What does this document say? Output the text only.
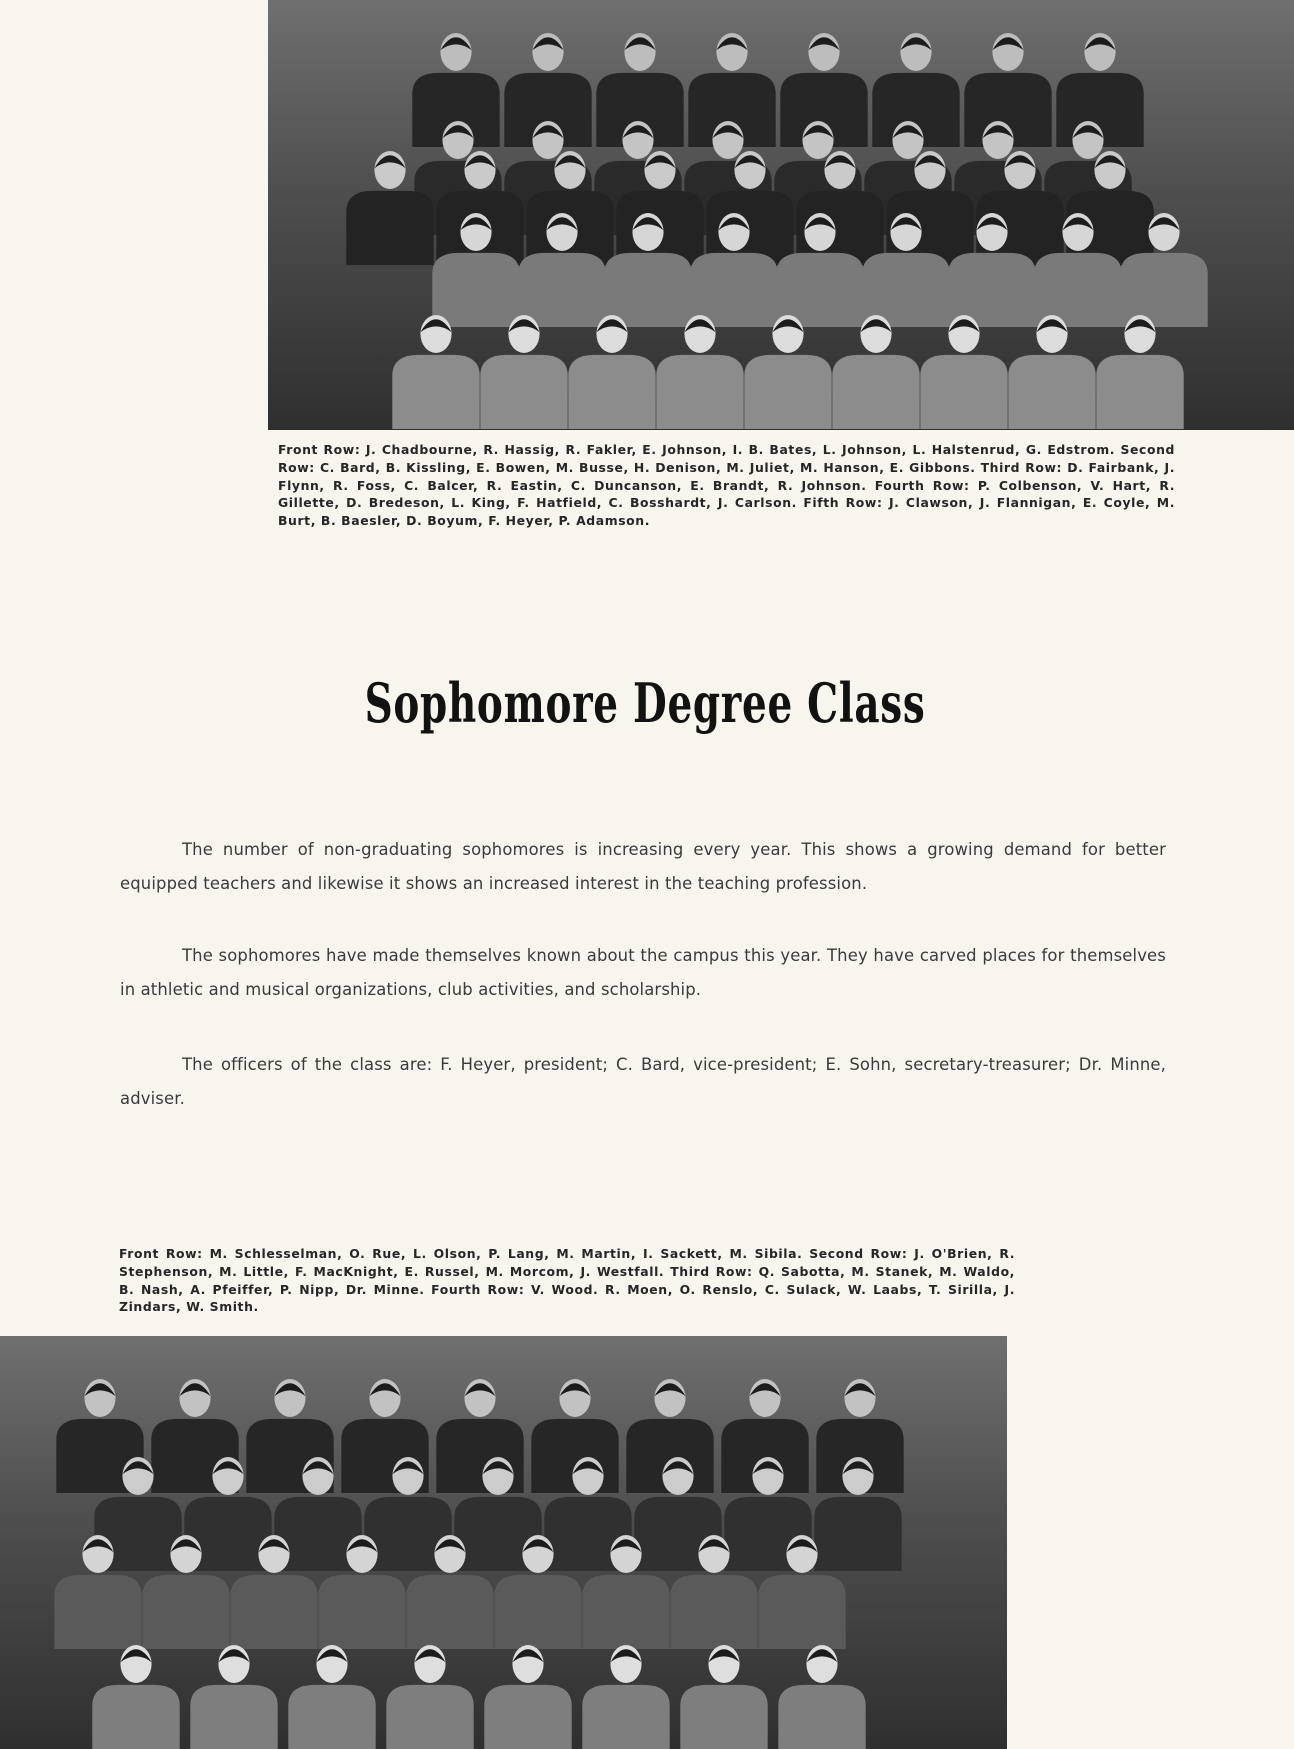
Front Row: J. Chadbourne, R. Hassig, R. Fakler, E. Johnson, I. B. Bates, L. Johnson, L. Halstenrud, G. Edstrom. Second Row: C. Bard, B. Kissling, E. Bowen, M. Busse, H. Denison, M. Juliet, M. Hanson, E. Gibbons. Third Row: D. Fairbank, J. Flynn, R. Foss, C. Balcer, R. Eastin, C. Duncanson, E. Brandt, R. Johnson. Fourth Row: P. Colbenson, V. Hart, R. Gillette, D. Bredeson, L. King, F. Hatfield, C. Bosshardt, J. Carlson. Fifth Row: J. Clawson, J. Flannigan, E. Coyle, M. Burt, B. Baesler, D. Boyum, F. Heyer, P. Adamson.

Sophomore Degree Class

The number of non-graduating sophomores is increasing every year. This shows a growing demand for better equipped teachers and likewise it shows an increased interest in the teaching profession.

The sophomores have made themselves known about the campus this year. They have carved places for themselves in athletic and musical organizations, club activities, and scholarship.

The officers of the class are: F. Heyer, president; C. Bard, vice-president; E. Sohn, secretary-treasurer; Dr. Minne, adviser.

Front Row: M. Schlesselman, O. Rue, L. Olson, P. Lang, M. Martin, I. Sackett, M. Sibila. Second Row: J. O'Brien, R. Stephenson, M. Little, F. MacKnight, E. Russel, M. Morcom, J. Westfall. Third Row: Q. Sabotta, M. Stanek, M. Waldo, B. Nash, A. Pfeiffer, P. Nipp, Dr. Minne. Fourth Row: V. Wood. R. Moen, O. Renslo, C. Sulack, W. Laabs, T. Sirilla, J. Zindars, W. Smith.
